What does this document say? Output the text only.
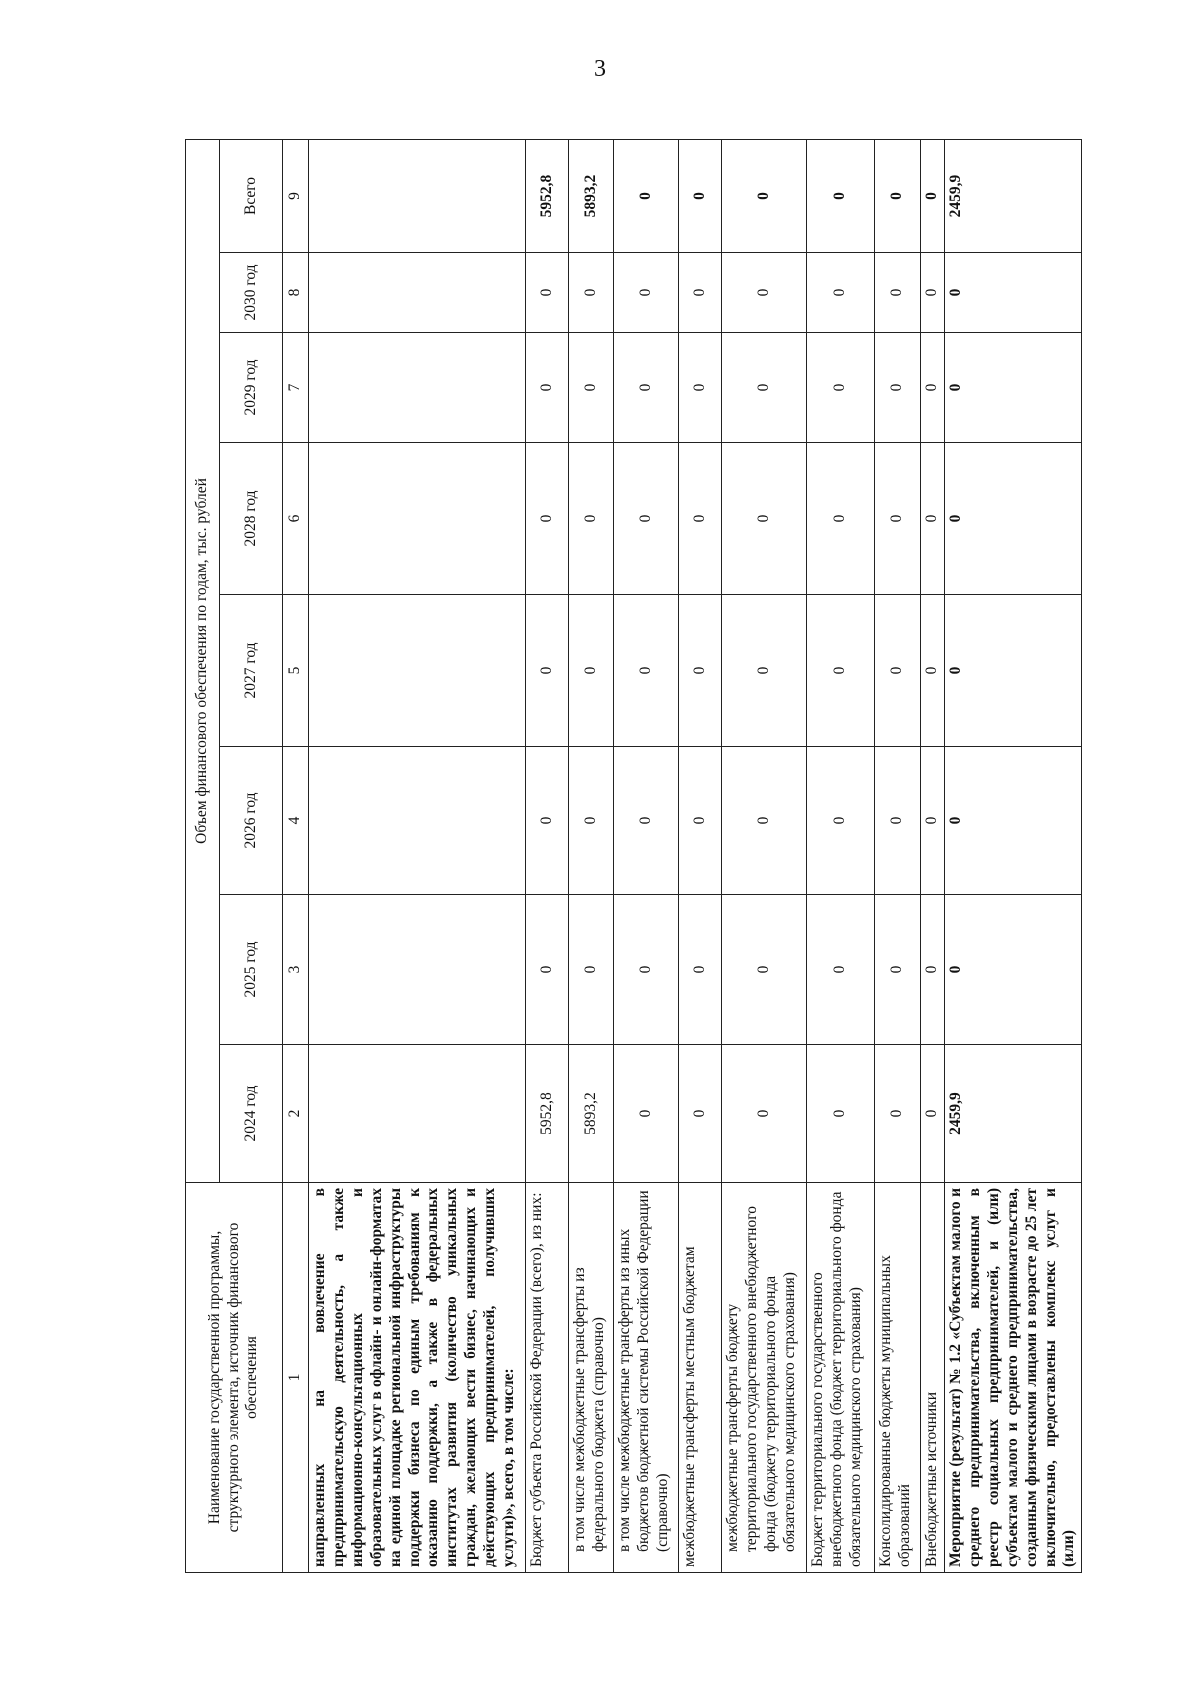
3
Наименование государственной программы, структурного элемента, источник финансового обеспечения	Объем финансового обеспечения по годам, тыс. рублей							
	2024 год	2025 год	2026 год	2027 год	2028 год	2029 год	2030 год	Всего
1	2	3	4	5	6	7	8	9
направленных на вовлечение в предпринимательскую деятельность, а также информационно-консультационных и образовательных услуг в офлайн- и онлайн-форматах на единой площадке региональной инфраструктуры поддержки бизнеса по единым требованиям к оказанию поддержки, а также в федеральных институтах развития (количество уникальных граждан, желающих вести бизнес, начинающих и действующих предпринимателей, получивших услуги)», всего, в том числе:								
Бюджет субъекта Российской Федерации (всего), из них:	5952,8	0	0	0	0	0	0	5952,8
в том числе межбюджетные трансферты из федерального бюджета (справочно)	5893,2	0	0	0	0	0	0	5893,2
в том числе межбюджетные трансферты из иных бюджетов бюджетной системы Российской Федерации (справочно)	0	0	0	0	0	0	0	0
межбюджетные трансферты местным бюджетам	0	0	0	0	0	0	0	0
межбюджетные трансферты бюджету территориального государственного внебюджетного фонда (бюджету территориального фонда обязательного медицинского страхования)	0	0	0	0	0	0	0	0
Бюджет территориального государственного внебюджетного фонда (бюджет территориального фонда обязательного медицинского страхования)	0	0	0	0	0	0	0	0
Консолидированные бюджеты муниципальных образований	0	0	0	0	0	0	0	0
Внебюджетные источники	0	0	0	0	0	0	0	0
Мероприятие (результат) № 1.2 «Субъектам малого и среднего предпринимательства, включенным в реестр социальных предпринимателей, и (или) субъектам малого и среднего предпринимательства, созданным физическими лицами в возрасте до 25 лет включительно, предоставлены комплекс услуг и (или)	2459,9	0	0	0	0	0	0	2459,9
